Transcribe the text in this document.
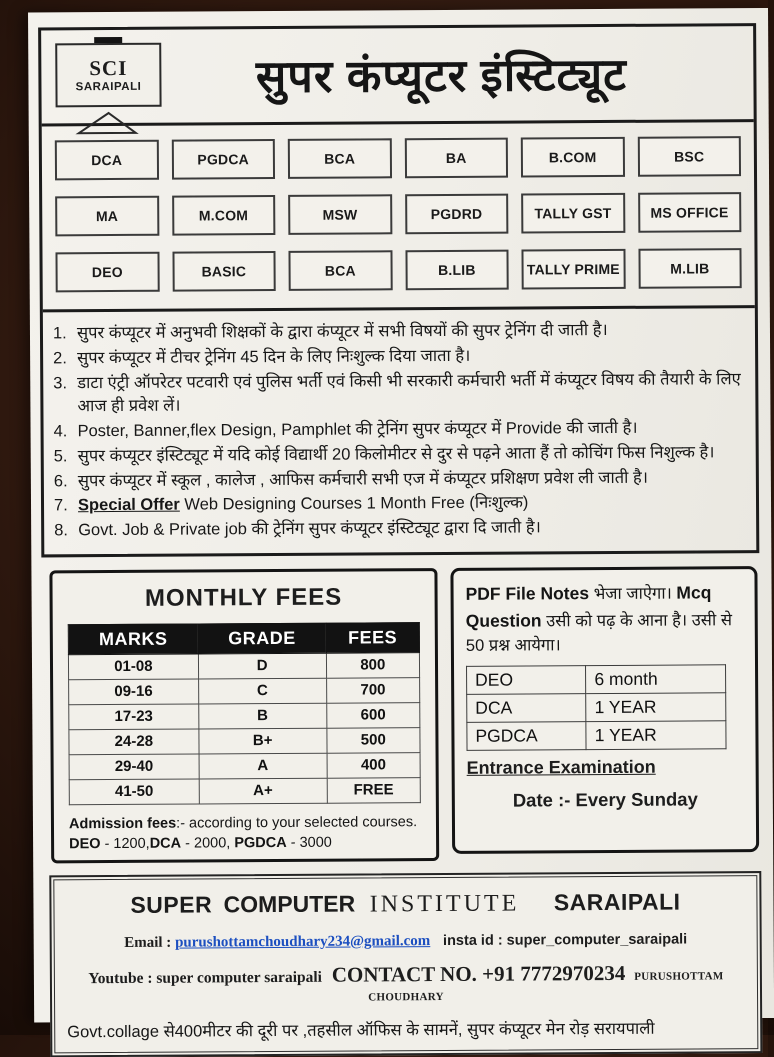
SCI
SARAIPALI	सुपर कंप्यूटर इंस्टिट्यूट
DCA	PGDCA	BCA	BA	B.COM	BSC
MA	M.COM	MSW	PGDRD	TALLY GST	MS OFFICE
DEO	BASIC	BCA	B.LIB	TALLY PRIME	M.LIB
1. सुपर कंप्यूटर में अनुभवी शिक्षकों के द्वारा कंप्यूटर में सभी विषयों की सुपर ट्रेनिंग दी जाती है।
2. सुपर कंप्यूटर में टीचर ट्रेनिंग 45 दिन के लिए निःशुल्क दिया जाता है।
3. डाटा एंट्री ऑपरेटर पटवारी एवं पुलिस भर्ती एवं किसी भी सरकारी कर्मचारी भर्ती में कंप्यूटर विषय की तैयारी के लिए आज ही प्रवेश लें।
4. Poster, Banner,flex Design, Pamphlet की ट्रेनिंग सुपर कंप्यूटर में Provide की जाती है।
5. सुपर कंप्यूटर इंस्टिट्यूट में यदि कोई विद्यार्थी 20 किलोमीटर से दुर से पढ़ने आता हैं तो कोचिंग फिस निशुल्क है।
6. सुपर कंप्यूटर में स्कूल , कालेज , आफिस कर्मचारी सभी एज में कंप्यूटर प्रशिक्षण प्रवेश ली जाती है।
7. Special Offer Web Designing Courses 1 Month Free (निःशुल्क)
8. Govt. Job & Private job की ट्रेनिंग सुपर कंप्यूटर इंस्टिट्यूट द्वारा दि जाती है।
MONTHLY FEES
MARKS	GRADE	FEES
01-08	D	800
09-16	C	700
17-23	B	600
24-28	B+	500
29-40	A	400
41-50	A+	FREE
Admission fees:- according to your selected courses. DEO - 1200,DCA - 2000, PGDCA - 3000
PDF File Notes भेजा जाऐगा। Mcq Question उसी को पढ़ के आना है। उसी से 50 प्रश्न आयेगा।
DEO	6 month
DCA	1 YEAR
PGDCA	1 YEAR
Entrance Examination
Date :- Every Sunday
SUPER COMPUTER INSTITUTE SARAIPALI
Email : purushottamchoudhary234@gmail.com insta id : super_computer_saraipali
Youtube : super computer saraipali CONTACT NO. +91 7772970234 PURUSHOTTAM CHOUDHARY
Govt.collage से400मीटर की दूरी पर ,तहसील ऑफिस के सामनें, सुपर कंप्यूटर मेन रोड़ सरायपाली
